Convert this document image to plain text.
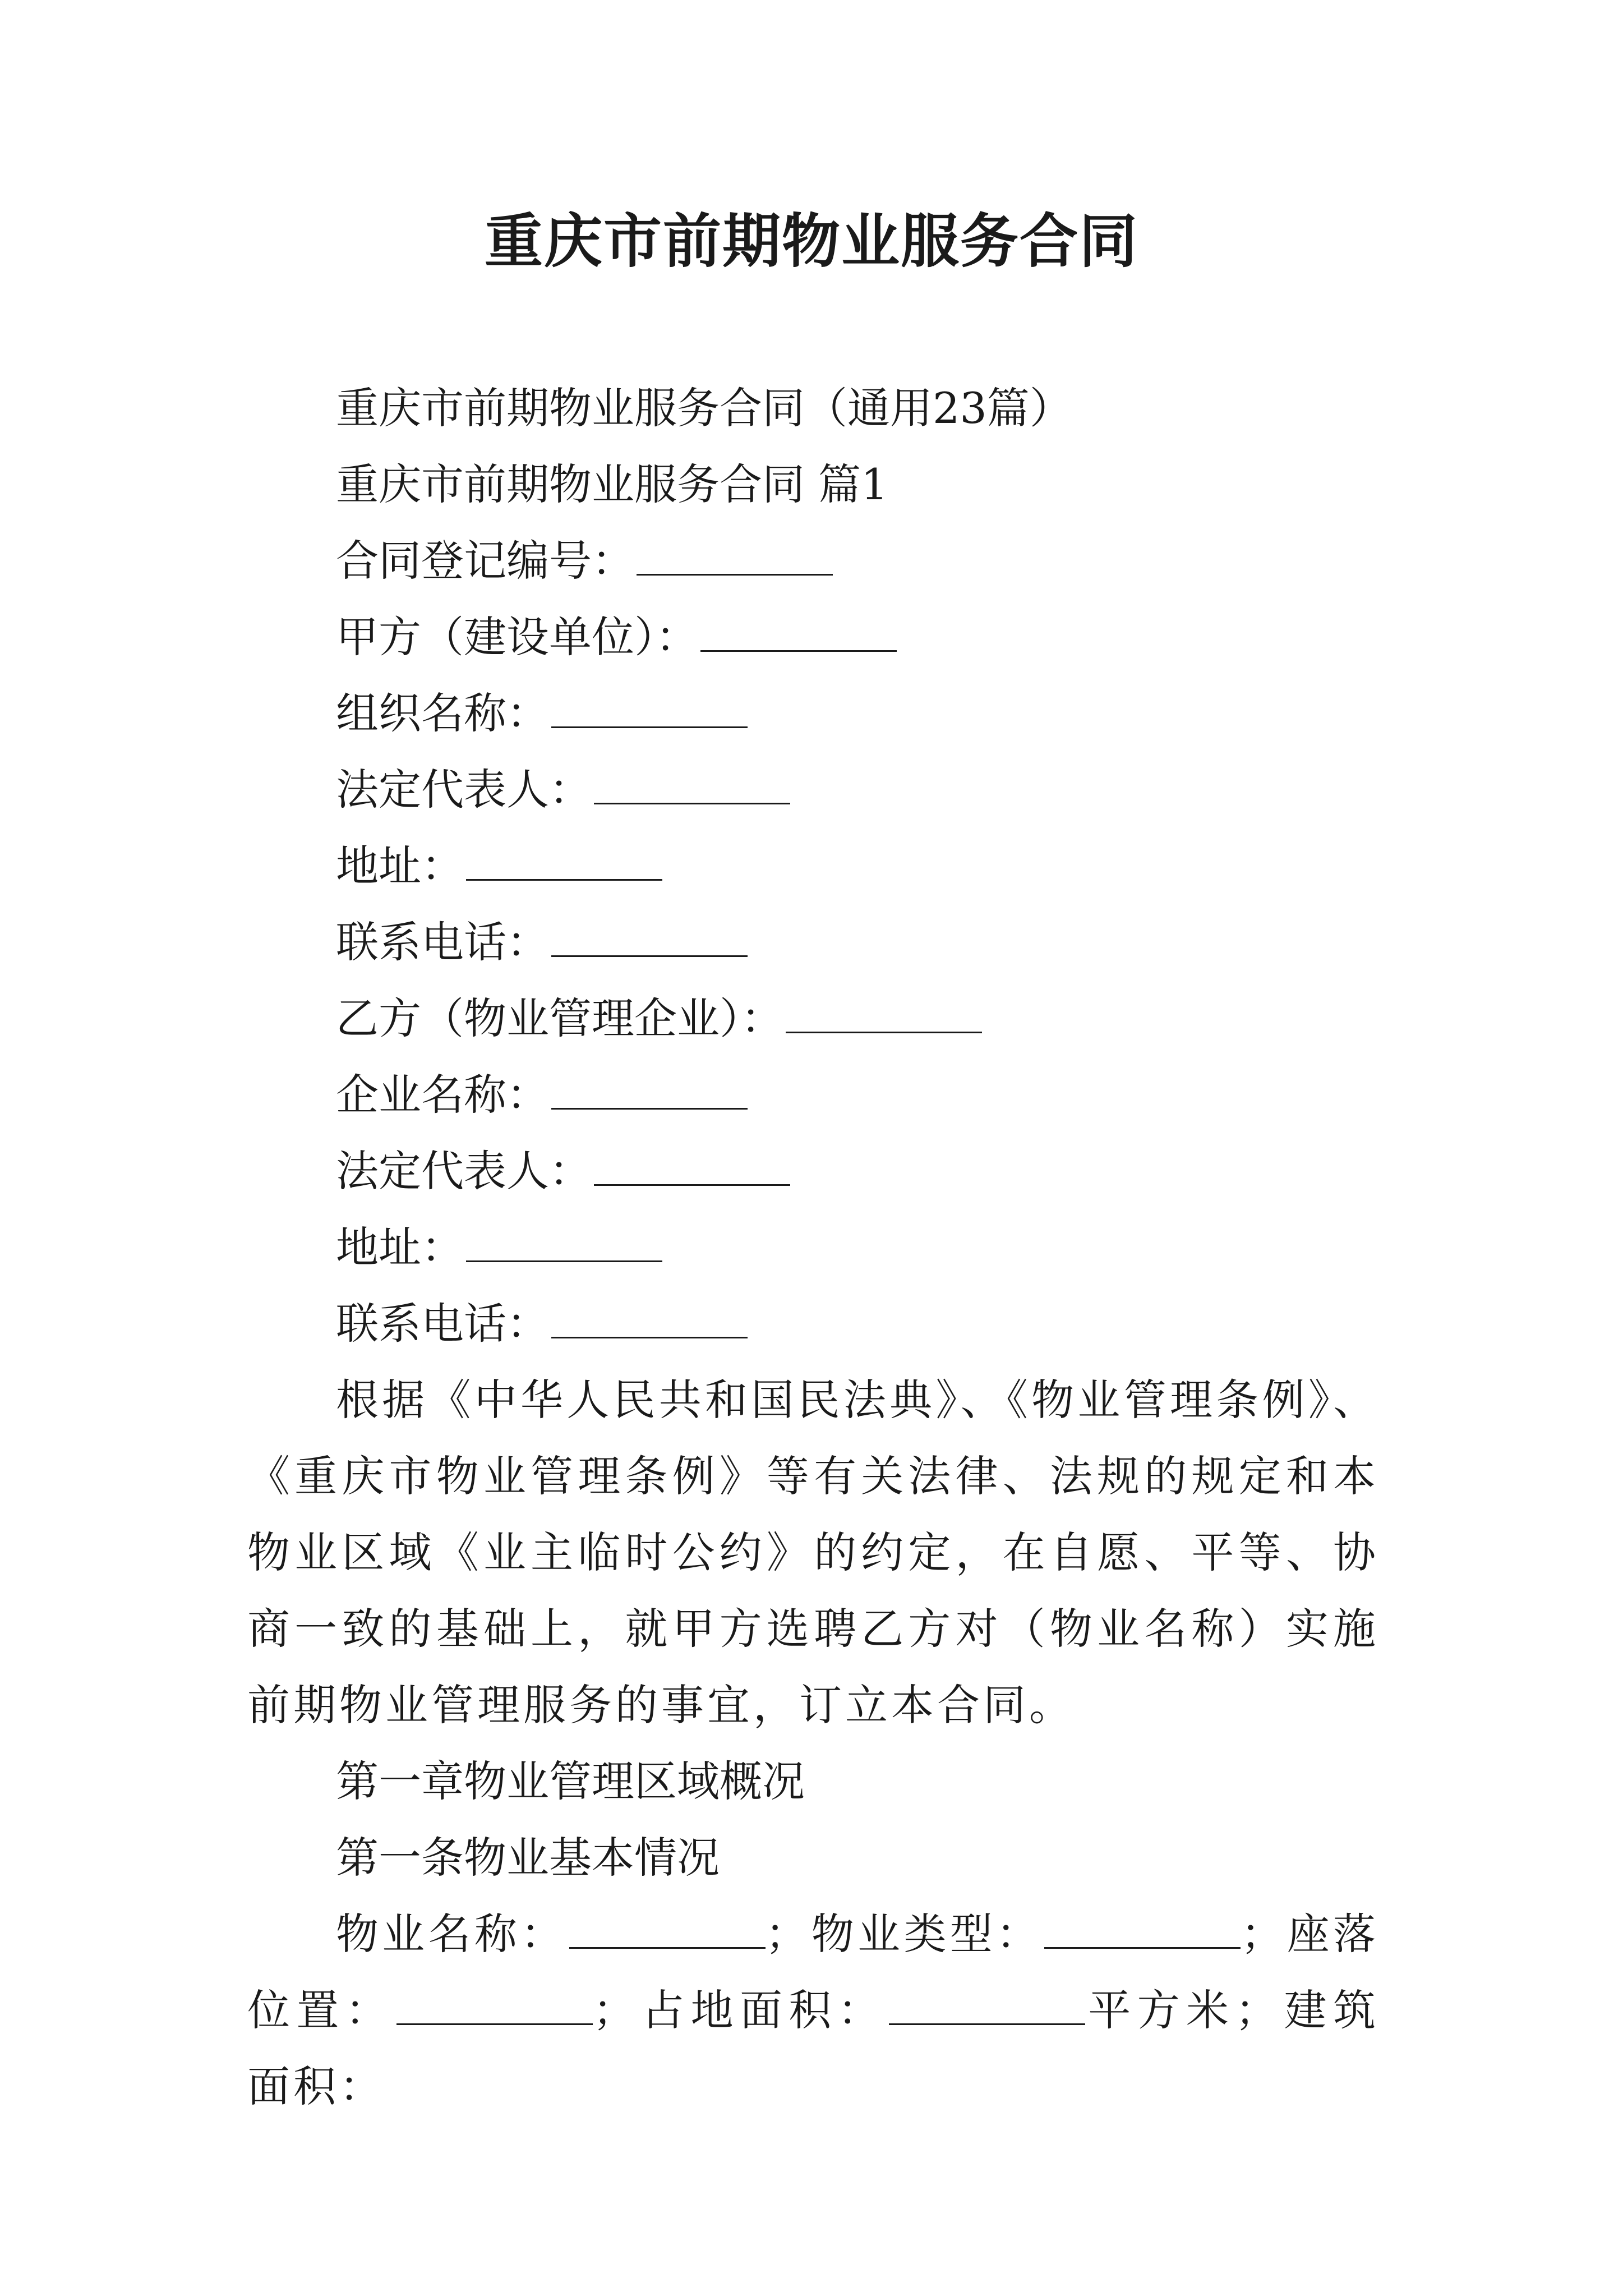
重庆市前期物业服务合同
重庆市前期物业服务合同（通用23篇）
重庆市前期物业服务合同 篇1
合同登记编号：
甲方（建设单位）：
组织名称：
法定代表人：
地址：
联系电话：
乙方（物业管理企业）：
企业名称：
法定代表人：
地址：
联系电话：
根据《中华人民共和国民法典》、《物业管理条例》、《重庆市物业管理条例》等有关法律、法规的规定和本物业区域《业主临时公约》的约定，在自愿、平等、协商一致的基础上，就甲方选聘乙方对（物业名称）实施前期物业管理服务的事宜，订立本合同。
第一章物业管理区域概况
第一条物业基本情况
物业名称：	；物业类型：	；座落位置：	；占地面积：	平方米；建筑面积：
